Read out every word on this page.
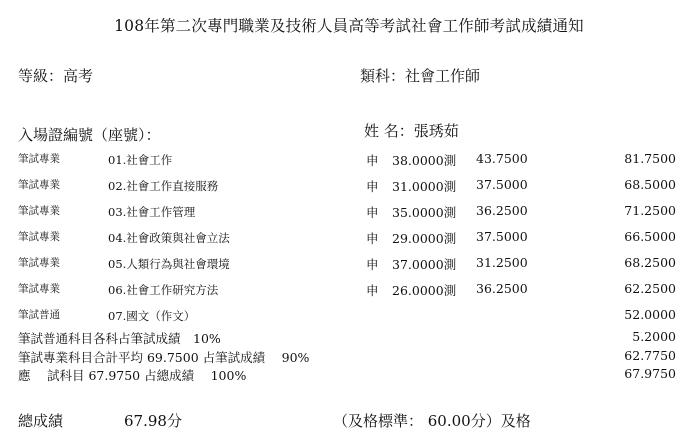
108年第二次專門職業及技術人員高等考試社會工作師考試成績通知
等級：高考	類科：社會工作師
入場證編號（座號）：	姓 名：張琇茹
筆試專業	01.社會工作	申 38.0000測 43.7500	81.7500
筆試專業	02.社會工作直接服務	申 31.0000測 37.5000	68.5000
筆試專業	03.社會工作管理	申 35.0000測 36.2500	71.2500
筆試專業	04.社會政策與社會立法	申 29.0000測 37.5000	66.5000
筆試專業	05.人類行為與社會環境	申 37.0000測 31.2500	68.2500
筆試專業	06.社會工作研究方法	申 26.0000測 36.2500	62.2500
筆試普通	07.國文（作文）	52.0000
筆試普通科目各科占筆試成績　10%	5.2000
筆試專業科目合計平均 69.7500 占筆試成績　 90%	62.7750
應　 試科目 67.9750 占總成績　 100%	67.9750
總成績	67.98分	（及格標準： 60.00分）及格
